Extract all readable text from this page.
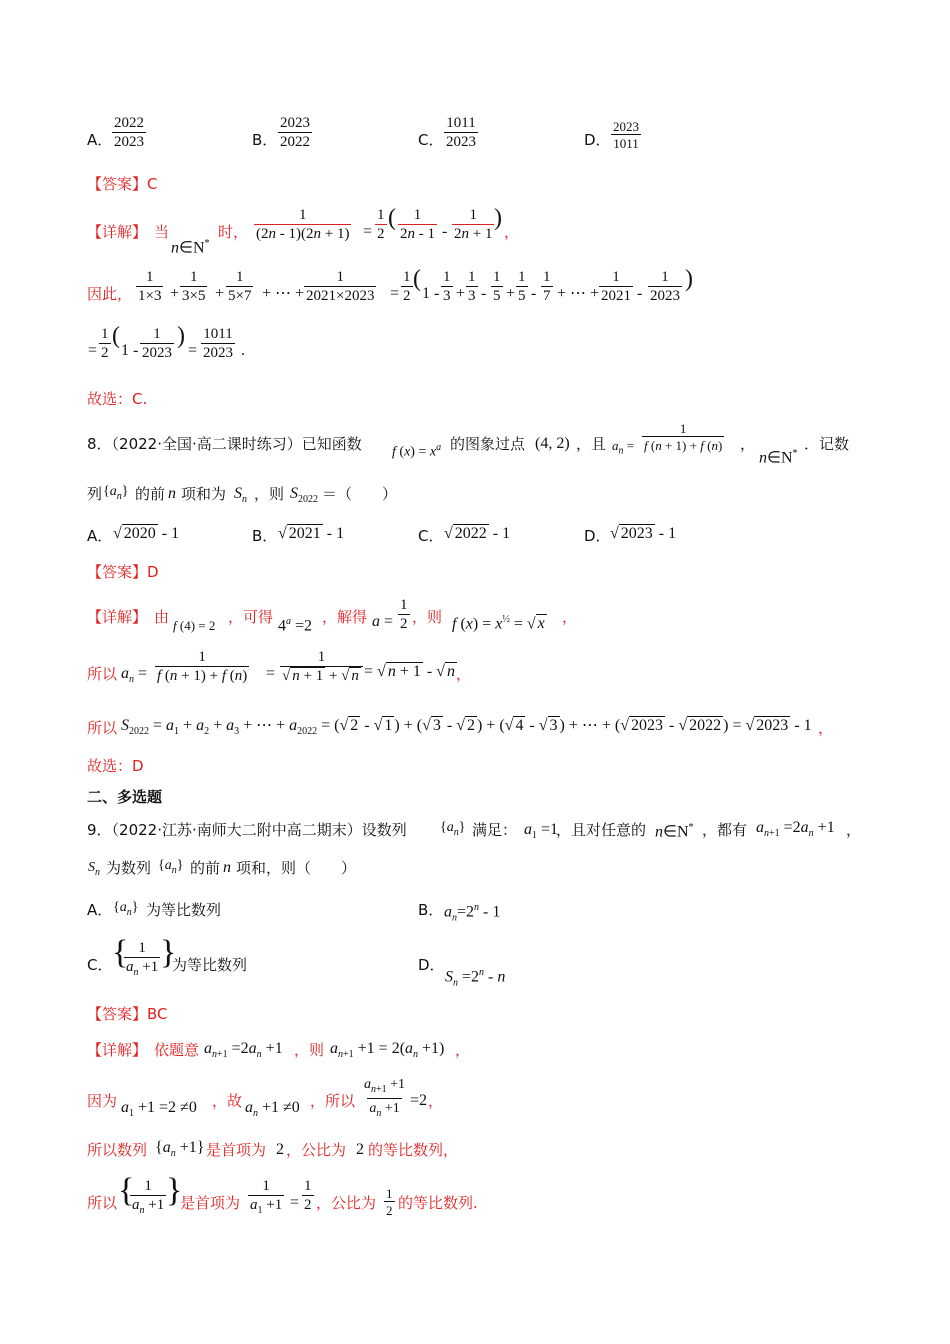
A． $\frac{2022}{2023}$	B． $\frac{2023}{2022}$	C． $\frac{1011}{2023}$	D． $\frac{2023}{1011}$
【答案】C
【详解】 当
n∈N*
时， $\frac{1}{(2n - 1)(2n + 1)} = \frac{1}{2}$ ( $\frac{1}{2n - 1} - \frac{1}{2n + 1}$ )
，
因此， $\frac{1}{1\times 3} + \frac{1}{3\times 5} + \frac{1}{5\times 7}$ + ⋯ + $\frac{1}{2021\times 2023} = \frac{1}{2}$ (
$1 - \frac{1}{3} + \frac{1}{3} - \frac{1}{5} + \frac{1}{5} - \frac{1}{7}$ + ⋯ + $\frac{1}{2021} - \frac{1}{2023}$ )
= $\frac{1}{2}$ (
$1 - \frac{1}{2023}$ )
= $\frac{1011}{2023}$ .
故选：C.
8．（2022·全国·高二课时练习）已知函数 f $(x) = x^a$ 的图象过点 (4, 2) ，且 $a_n = \frac{1}{f (n + 1) + f (n)}$ ，
n∈N*
．记数
列 $\{a_n\}$ 的前 n 项和为 $S_n$ ，则 $S_{2022}$ ＝（　　）
A． √ 2020 - 1	B． √ 2021 - 1	C． √ 2022 - 1	D． √ 2023 - 1
【答案】D
【详解】 由 f (4) = 2 ，可得 $4^a =2$ ，解得 $a = \frac{1}{2}$ ，则 f $(x) = x^{\frac{1}{2}}$ = √ x ，
所以 $a_n = \frac{1}{f (n + 1) + f (n)} = \frac{1}{√ n + 1 + √ n}$ = √ n + 1 - √ n ，
所以 $S_{2022} = a_1 + a_2 + a_3$ + ⋯ + $a_{2022}$ = (√ 2 - √ 1 ) + (√ 3 - √ 2 ) + (√ 4 - √ 3 ) + ⋯ + (√ 2023 - √ 2022 ) = √ 2023 - 1 ，
故选：D
二、多选题
9．（2022·江苏·南师大二附中高二期末）设数列 $\{a_n\}$ 满足： $a_1 =1$
，且对任意的 n∈N* ，都有 $a_{n+1} =2a_n +1$ ，
$S_n$ 为数列 $\{a_n\}$ 的前 n 项和，则（　　）
A． $\{a_n\}$ 为等比数列	B． $a_n=2^n - 1$
C． {
$\frac{1}{a_n +1}$ }
为等比数列	D．
$S_n =2^n - n$
【答案】BC
【详解】 依题意 $a_{n+1} =2a_n +1$ ，则 $a_{n+1} +1 = 2(a_n +1)$ ，
因为 $a_1 +1 =2 \ne 0$ ，故 $a_n +1 \ne 0$ ，所以 $\frac{a_{n+1} +1}{a_n +1} =2$ ，
所以数列 $\{a_n +1\}$ 是首项为 2 ，公比为 2 的等比数列，
所以 {
$\frac{1}{a_n +1}$ }
是首项为 $\frac{1}{a_1 +1} = \frac{1}{2}$ ，公比为 $\frac{1}{2}$ 的等比数列.
